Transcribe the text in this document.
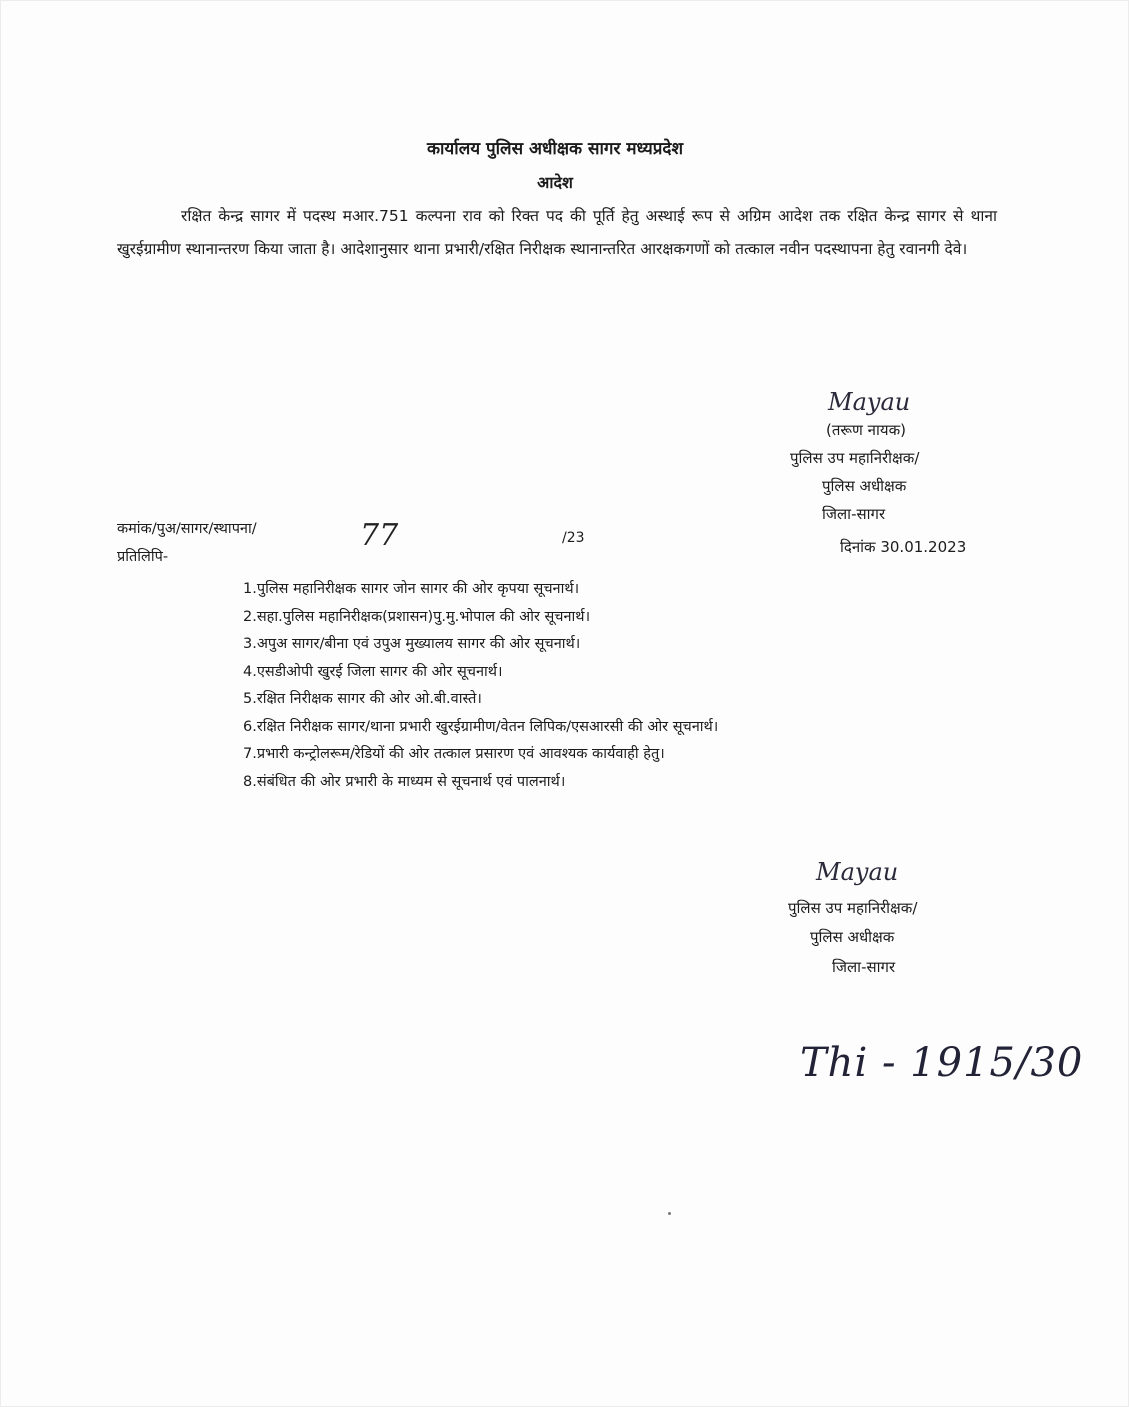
कार्यालय पुलिस अधीक्षक सागर मध्यप्रदेश
आदेश
रक्षित केन्द्र सागर में पदस्थ मआर.751 कल्पना राव को रिक्त पद की पूर्ति हेतु अस्थाई रूप से अग्रिम आदेश तक रक्षित केन्द्र सागर से थाना खुरईग्रामीण स्थानान्तरण किया जाता है। आदेशानुसार थाना प्रभारी/रक्षित निरीक्षक स्थानान्तरित आरक्षकगणों को तत्काल नवीन पदस्थापना हेतु रवानगी देवे।
Mayau
(तरूण नायक)
पुलिस उप महानिरीक्षक/
पुलिस अधीक्षक
जिला-सागर
कमांक/पुअ/सागर/स्थापना/	77	/23	दिनांक 30.01.2023
प्रतिलिपि-
1.पुलिस महानिरीक्षक सागर जोन सागर की ओर कृपया सूचनार्थ।
2.सहा.पुलिस महानिरीक्षक(प्रशासन)पु.मु.भोपाल की ओर सूचनार्थ।
3.अपुअ सागर/बीना एवं उपुअ मुख्यालय सागर की ओर सूचनार्थ।
4.एसडीओपी खुरई जिला सागर की ओर सूचनार्थ।
5.रक्षित निरीक्षक सागर की ओर ओ.बी.वास्ते।
6.रक्षित निरीक्षक सागर/थाना प्रभारी खुरईग्रामीण/वेतन लिपिक/एसआरसी की ओर सूचनार्थ।
7.प्रभारी कन्ट्रोलरूम/रेडियों की ओर तत्काल प्रसारण एवं आवश्यक कार्यवाही हेतु।
8.संबंधित की ओर प्रभारी के माध्यम से सूचनार्थ एवं पालनार्थ।
Mayau
पुलिस उप महानिरीक्षक/
पुलिस अधीक्षक
जिला-सागर
Thi - 1915/30
